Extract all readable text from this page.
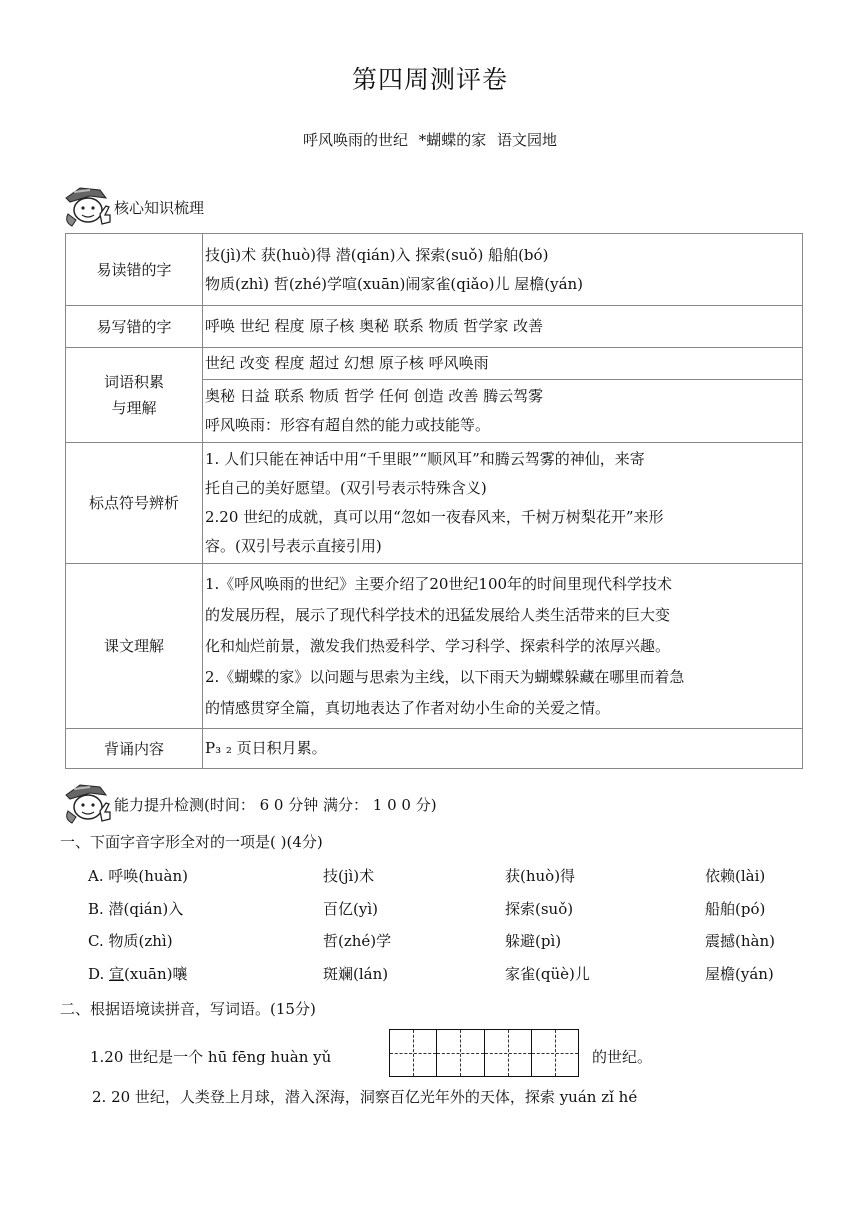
第四周测评卷
呼风唤雨的世纪 *蝴蝶的家 语文园地
核心知识梳理
易读错的字	技(jì)术 获(huò)得 潜(qián)入 探索(suǒ) 船舶(bó)
物质(zhì) 哲(zhé)学喧(xuān)闹家雀(qiǎo)儿 屋檐(yán)

易写错的字	呼唤 世纪 程度 原子核 奥秘 联系 物质 哲学家 改善

词语积累
与理解	世纪 改变 程度 超过 幻想 原子核 呼风唤雨

	奥秘 日益 联系 物质 哲学 任何 创造 改善 腾云驾雾
呼风唤雨：形容有超自然的能力或技能等。

标点符号辨析	1. 人们只能在神话中用“千里眼”“顺风耳”和腾云驾雾的神仙，来寄
托自己的美好愿望。(双引号表示特殊含义)
2.20 世纪的成就，真可以用“忽如一夜春风来，千树万树梨花开”来形
容。(双引号表示直接引用)

课文理解	1.《呼风唤雨的世纪》主要介绍了20世纪100年的时间里现代科学技术
的发展历程，展示了现代科学技术的迅猛发展给人类生活带来的巨大变
化和灿烂前景，激发我们热爱科学、学习科学、探索科学的浓厚兴趣。
2.《蝴蝶的家》以问题与思索为主线，以下雨天为蝴蝶躲藏在哪里而着急
的情感贯穿全篇，真切地表达了作者对幼小生命的关爱之情。

背诵内容	P₃ ₂ 页日积月累。
能力提升检测(时间： 6 0 分钟 满分： 1 0 0 分)
一、下面字音字形全对的一项是( )(4分)
A. 呼唤(huàn)	技(jì)术	获(huò)得	依赖(lài)
B. 潜(qián)入	百亿(yì)	探索(suǒ)	船舶(pó)
C. 物质(zhì)	哲(zhé)学	躲避(pì)	震撼(hàn)
D. 宣(xuān)嚷	斑斓(lán)	家雀(qüè)儿	屋檐(yán)
二、根据语境读拼音，写词语。(15分)
1.20 世纪是一个 hū fēng huàn yǔ	的世纪。
2. 20 世纪，人类登上月球，潜入深海，洞察百亿光年外的天体，探索 yuán zǐ hé
